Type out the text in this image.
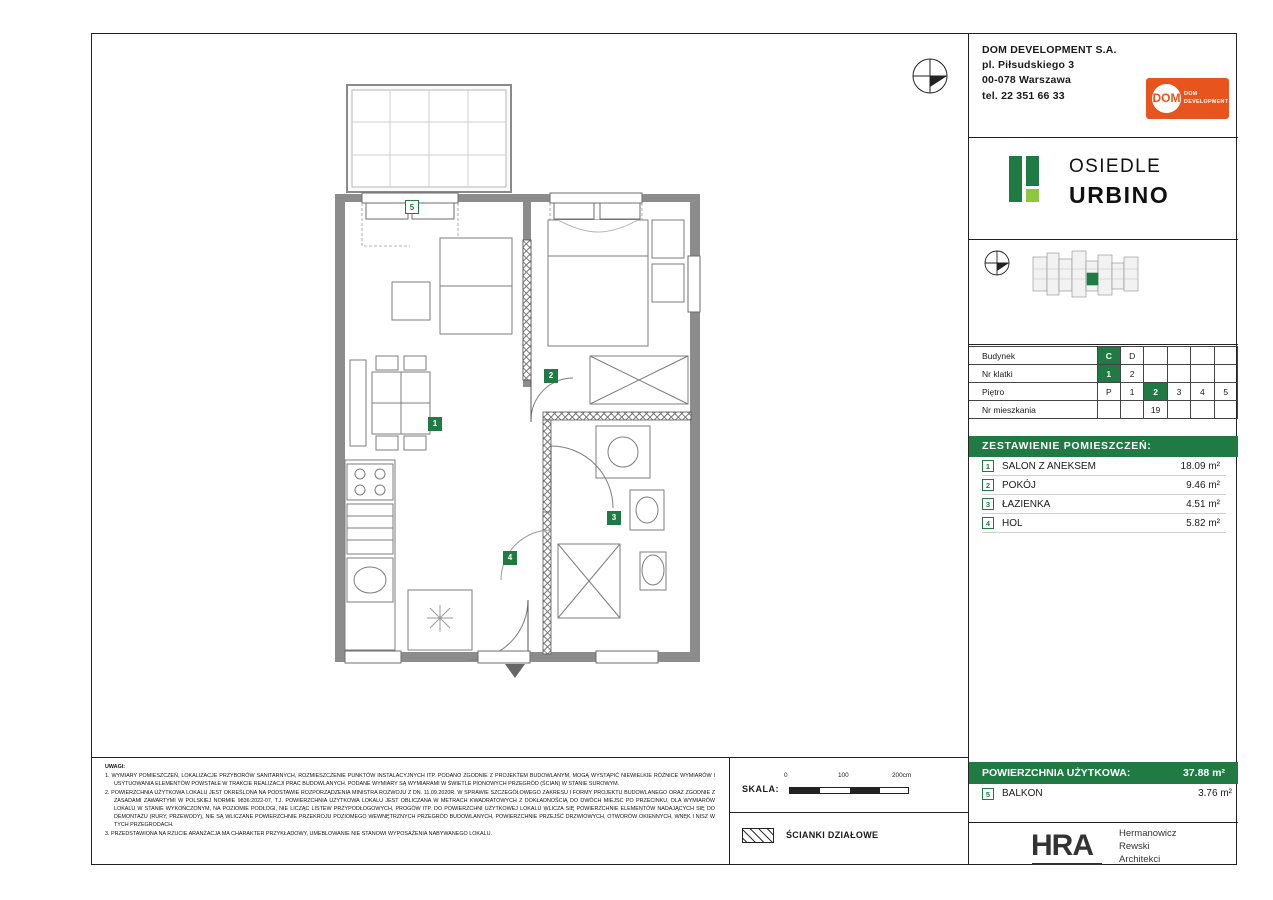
5
1
2
3
4
DOM DEVELOPMENT S.A.
pl. Piłsudskiego 3
00-078 Warszawa
tel. 22 351 66 33	DOM DOM
DEVELOPMENT
OSIEDLE
URBINO
Budynek	C	D				
Nr klatki	1	2				
Piętro	P	1	2	3	4	5
Nr mieszkania			19			
ZESTAWIENIE POMIESZCZEŃ:
1	SALON Z ANEKSEM	18.09 m²
2	POKÓJ	9.46 m²
3	ŁAZIENKA	4.51 m²
4	HOL	5.82 m²
POWIERZCHNIA UŻYTKOWA:	37.88 m²
5	BALKON	3.76 m²
HRA	Hermanowicz
Rewski
Architekci

UWAGI:

1. WYMIARY POMIESZCZEŃ, LOKALIZACJE PRZYBORÓW SANITARNYCH, ROZMIESZCZENIE PUNKTÓW INSTALACYJNYCH ITP. PODANO ZGODNIE Z PROJEKTEM BUDOWLANYM, MOGĄ WYSTĄPIĆ NIEWIELKIE RÓŻNICE WYMIARÓW I USYTUOWANIA ELEMENTÓW POWSTAŁE W TRAKCIE REALIZACJI PRAC BUDOWLANYCH. PODANE WYMIARY SĄ WYMIARAMI W ŚWIETLE PIONOWYCH PRZEGRÓD (ŚCIAN) W STANIE SUROWYM.

2. POWIERZCHNIA UŻYTKOWA LOKALU JEST OKREŚLONA NA PODSTAWIE ROZPORZĄDZENIA MINISTRA ROZWOJU Z DN. 11.09.2020R. W SPRAWIE SZCZEGÓŁOWEGO ZAKRESU I FORMY PROJEKTU BUDOWLANEGO ORAZ ZGODNIE Z ZASADAMI ZAWARTYMI W POLSKIEJ NORMIE 9836:2022-07, T.J. POWIERZCHNIA UŻYTKOWA LOKALU JEST OBLICZANA W METRACH KWADRATOWYCH Z DOKŁADNOŚCIĄ DO DWÓCH MIEJSC PO PRZECINKU, DLA WYMIARÓW LOKALU W STANIE WYKOŃCZONYM, NA POZIOMIE PODŁOGI, NIE LICZĄC LISTEW PRZYPODŁOGOWYCH, PROGÓW ITP. DO POWIERZCHNI UŻYTKOWEJ LOKALU WLICZA SIĘ POWIERZCHNIE ELEMENTÓW NADAJĄCYCH SIĘ DO DEMONTAŻU (RURY, PRZEWODY), NIE SĄ WLICZANE POWIERZCHNIE PRZEKROJU POZIOMEGO WEWNĘTRZNYCH PRZEGRÓD BUDOWLANYCH, POWIERZCHNIE PRZEJŚĆ DRZWIOWYCH, OTWORÓW OKIENNYCH, WNĘK I NISZ W TYCH PRZEGRODACH.

3. PRZEDSTAWIONA NA RZUCIE ARANŻACJA MA CHARAKTER PRZYKŁADOWY, UMEBLOWANIE NIE STANOWI WYPOSAŻENIA NABYWANEGO LOKALU.

SKALA:
0	100	200cm
ŚCIANKI DZIAŁOWE
